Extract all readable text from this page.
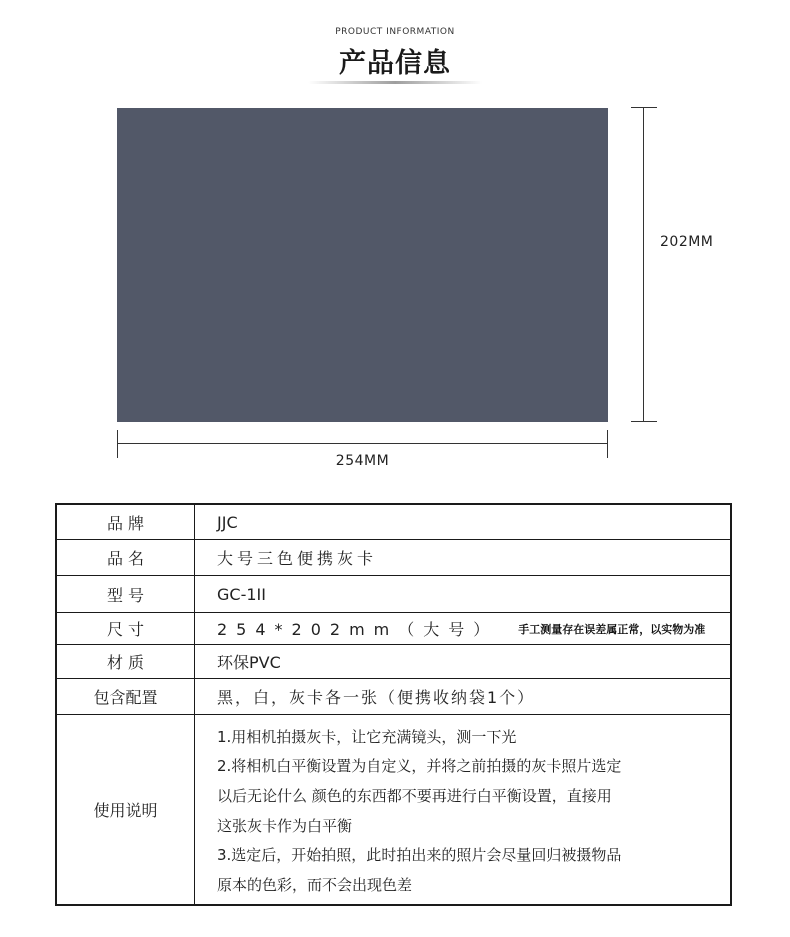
PRODUCT INFORMATION
产品信息
202MM
254MM
品 牌	JJC
品 名	大号三色便携灰卡
型 号	GC-1II
尺 寸	254*202mm（大号） 手工测量存在误差属正常，以实物为准
材 质	环保PVC
包含配置	黑，白，灰卡各一张（便携收纳袋1个）
使用说明
1.用相机拍摄灰卡，让它充满镜头，测一下光
2.将相机白平衡设置为自定义，并将之前拍摄的灰卡照片选定
以后无论什么 颜色的东西都不要再进行白平衡设置，直接用
这张灰卡作为白平衡
3.选定后，开始拍照，此时拍出来的照片会尽量回归被摄物品
原本的色彩，而不会出现色差
